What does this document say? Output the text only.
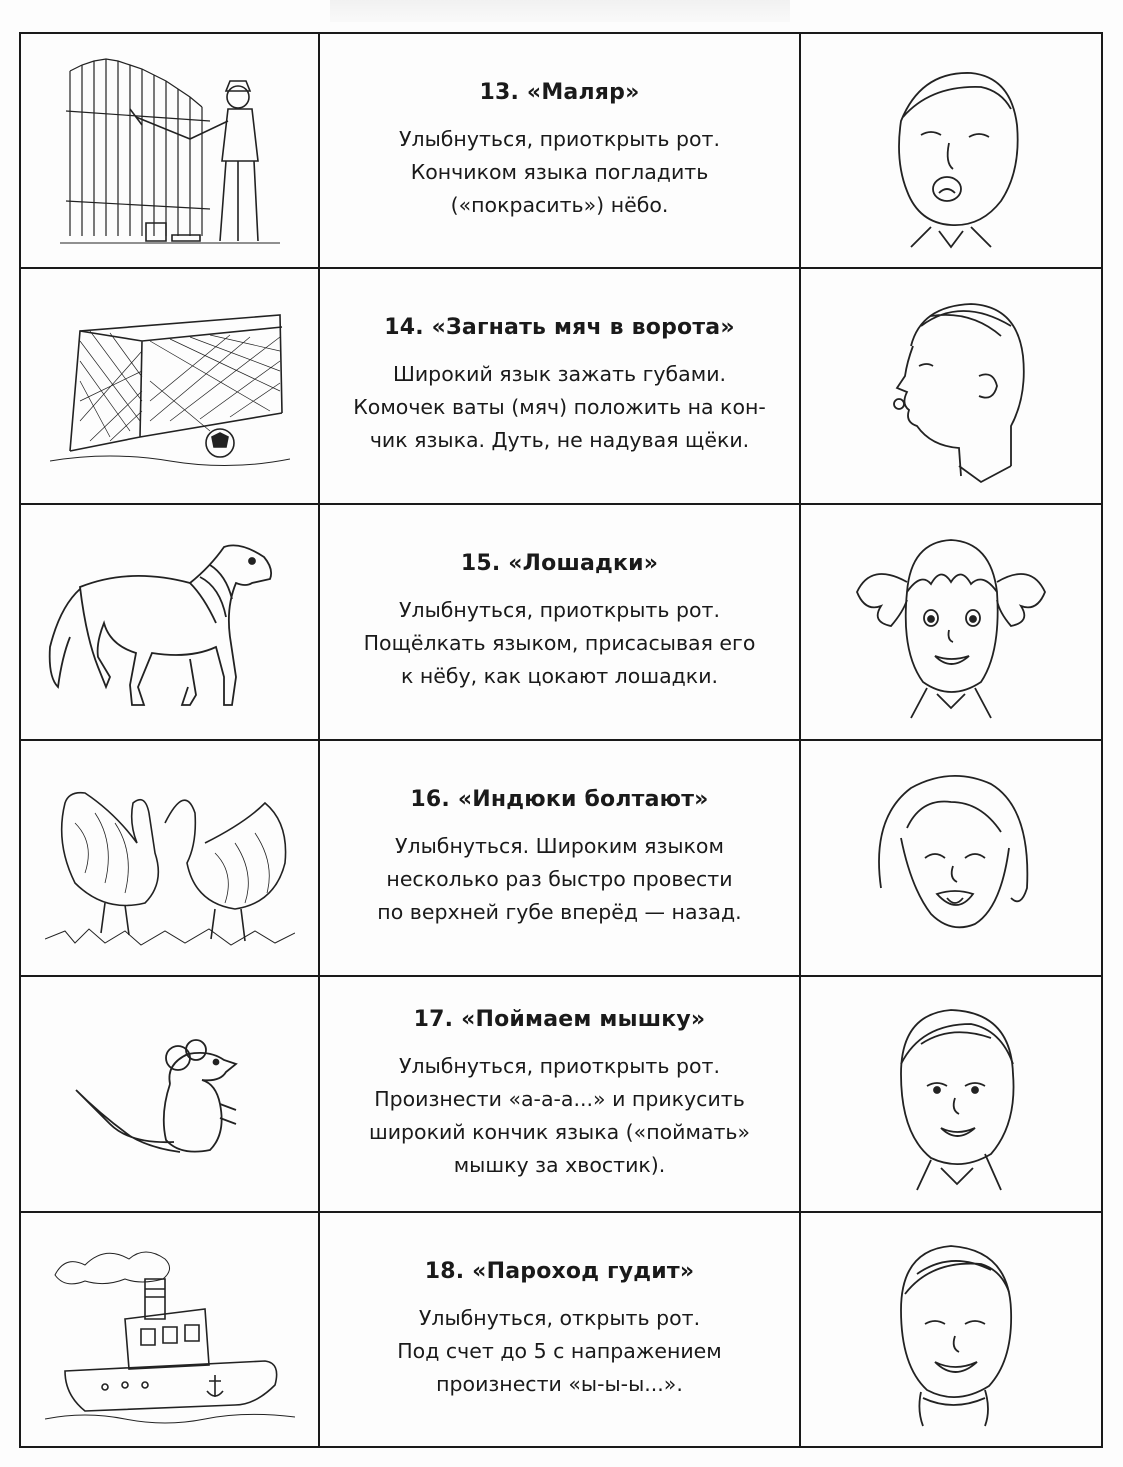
13. «Маляр»
Улыбнуться, приоткрыть рот.
Кончиком языка погладить
(«покрасить») нёбо.

14. «Загнать мяч в ворота»
Широкий язык зажать губами.
Комочек ваты (мяч) положить на кон-
чик языка. Дуть, не надувая щёки.

15. «Лошадки»
Улыбнуться, приоткрыть рот.
Пощёлкать языком, присасывая его
к нёбу, как цокают лошадки.

16. «Индюки болтают»
Улыбнуться. Широким языком
несколько раз быстро провести
по верхней губе вперёд — назад.

17. «Поймаем мышку»
Улыбнуться, приоткрыть рот.
Произнести «а-а-а...» и прикусить
широкий кончик языка («поймать»
мышку за хвостик).

18. «Пароход гудит»
Улыбнуться, открыть рот.
Под счет до 5 с напражением
произнести «ы-ы-ы...».
